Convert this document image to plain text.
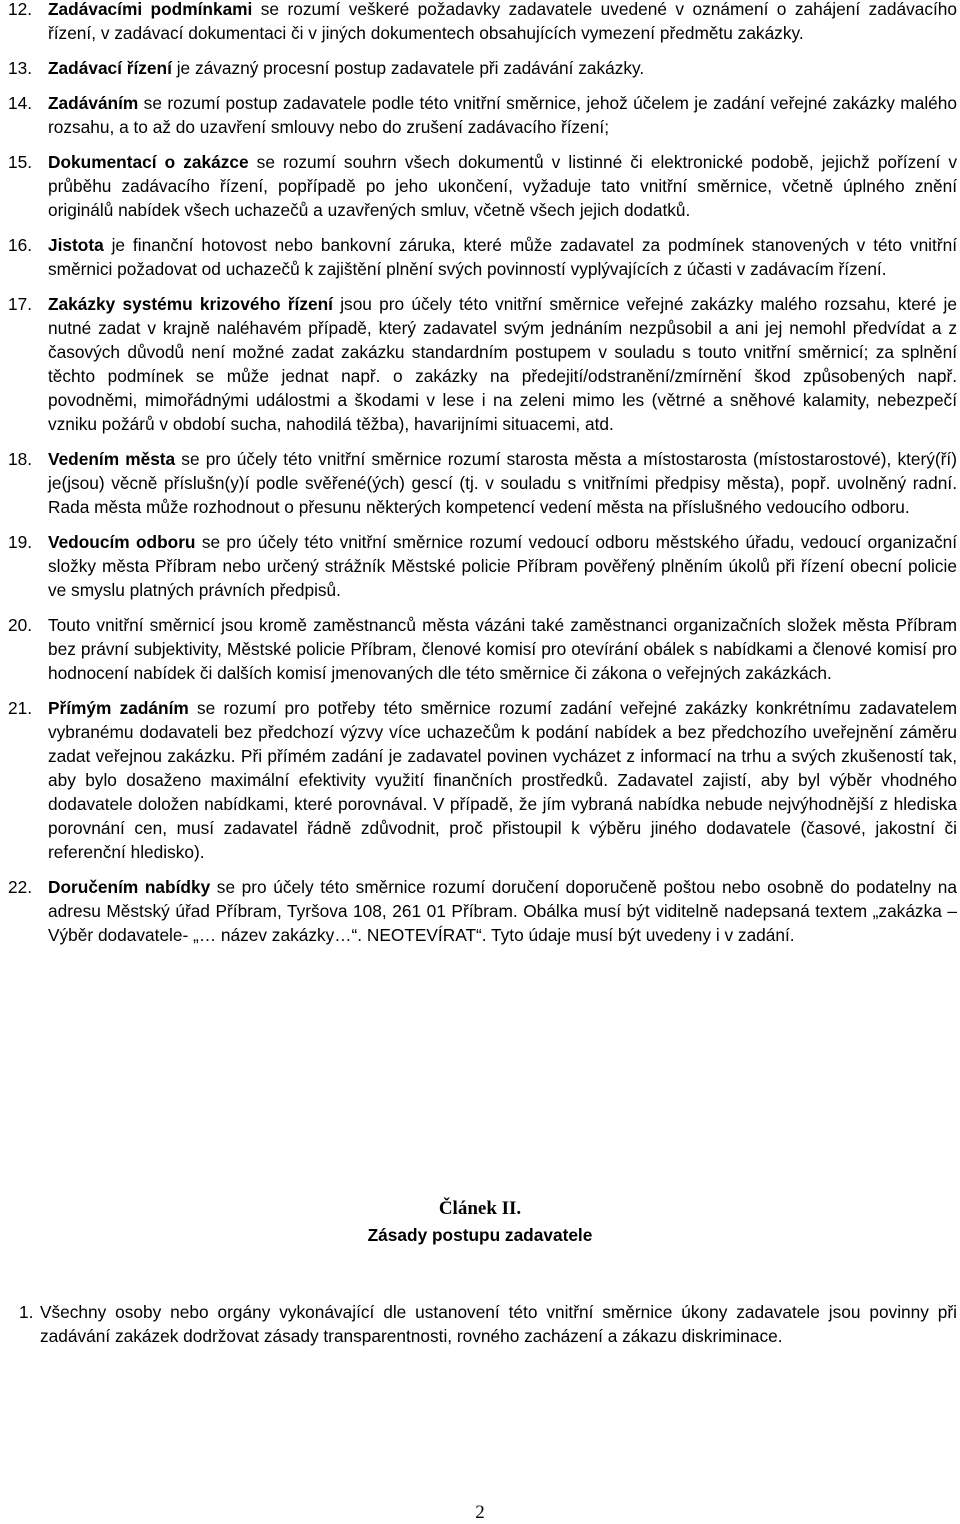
12. Zadávacími podmínkami se rozumí veškeré požadavky zadavatele uvedené v oznámení o zahájení zadávacího řízení, v zadávací dokumentaci či v jiných dokumentech obsahujících vymezení předmětu zakázky.
13. Zadávací řízení je závazný procesní postup zadavatele při zadávání zakázky.
14. Zadáváním se rozumí postup zadavatele podle této vnitřní směrnice, jehož účelem je zadání veřejné zakázky malého rozsahu, a to až do uzavření smlouvy nebo do zrušení zadávacího řízení;
15. Dokumentací o zakázce se rozumí souhrn všech dokumentů v listinné či elektronické podobě, jejichž pořízení v průběhu zadávacího řízení, popřípadě po jeho ukončení, vyžaduje tato vnitřní směrnice, včetně úplného znění originálů nabídek všech uchazečů a uzavřených smluv, včetně všech jejich dodatků.
16. Jistota je finanční hotovost nebo bankovní záruka, které může zadavatel za podmínek stanovených v této vnitřní směrnici požadovat od uchazečů k zajištění plnění svých povinností vyplývajících z účasti v zadávacím řízení.
17. Zakázky systému krizového řízení jsou pro účely této vnitřní směrnice veřejné zakázky malého rozsahu, které je nutné zadat v krajně naléhavém případě, který zadavatel svým jednáním nezpůsobil a ani jej nemohl předvídat a z časových důvodů není možné zadat zakázku standardním postupem v souladu s touto vnitřní směrnicí; za splnění těchto podmínek se může jednat např. o zakázky na předejití/odstranění/zmírnění škod způsobených např. povodněmi, mimořádnými událostmi a škodami v lese i na zeleni mimo les (větrné a sněhové kalamity, nebezpečí vzniku požárů v období sucha, nahodilá těžba), havarijními situacemi, atd.
18. Vedením města se pro účely této vnitřní směrnice rozumí starosta města a místostarosta (místostarostové), který(ří) je(jsou) věcně příslušn(y)í podle svěřené(ých) gescí (tj. v souladu s vnitřními předpisy města), popř. uvolněný radní. Rada města může rozhodnout o přesunu některých kompetencí vedení města na příslušného vedoucího odboru.
19. Vedoucím odboru se pro účely této vnitřní směrnice rozumí vedoucí odboru městského úřadu, vedoucí organizační složky města Příbram nebo určený strážník Městské policie Příbram pověřený plněním úkolů při řízení obecní policie ve smyslu platných právních předpisů.
20. Touto vnitřní směrnicí jsou kromě zaměstnanců města vázáni také zaměstnanci organizačních složek města Příbram bez právní subjektivity, Městské policie Příbram, členové komisí pro otevírání obálek s nabídkami a členové komisí pro hodnocení nabídek či dalších komisí jmenovaných dle této směrnice či zákona o veřejných zakázkách.
21. Přímým zadáním se rozumí pro potřeby této směrnice rozumí zadání veřejné zakázky konkrétnímu zadavatelem vybranému dodavateli bez předchozí výzvy více uchazečům k podání nabídek a bez předchozího uveřejnění záměru zadat veřejnou zakázku. Při přímém zadání je zadavatel povinen vycházet z informací na trhu a svých zkušeností tak, aby bylo dosaženo maximální efektivity využití finančních prostředků. Zadavatel zajistí, aby byl výběr vhodného dodavatele doložen nabídkami, které porovnával. V případě, že jím vybraná nabídka nebude nejvýhodnější z hlediska porovnání cen, musí zadavatel řádně zdůvodnit, proč přistoupil k výběru jiného dodavatele (časové, jakostní či referenční hledisko).
22. Doručením nabídky se pro účely této směrnice rozumí doručení doporučeně poštou nebo osobně do podatelny na adresu Městský úřad Příbram, Tyršova 108, 261 01 Příbram. Obálka musí být viditelně nadepsaná textem „zakázka – Výběr dodavatele- „… název zakázky…“. NEOTEVÍRAT“. Tyto údaje musí být uvedeny i v zadání.
Článek II.
Zásady postupu zadavatele
1. Všechny osoby nebo orgány vykonávající dle ustanovení této vnitřní směrnice úkony zadavatele jsou povinny při zadávání zakázek dodržovat zásady transparentnosti, rovného zacházení a zákazu diskriminace.
2
